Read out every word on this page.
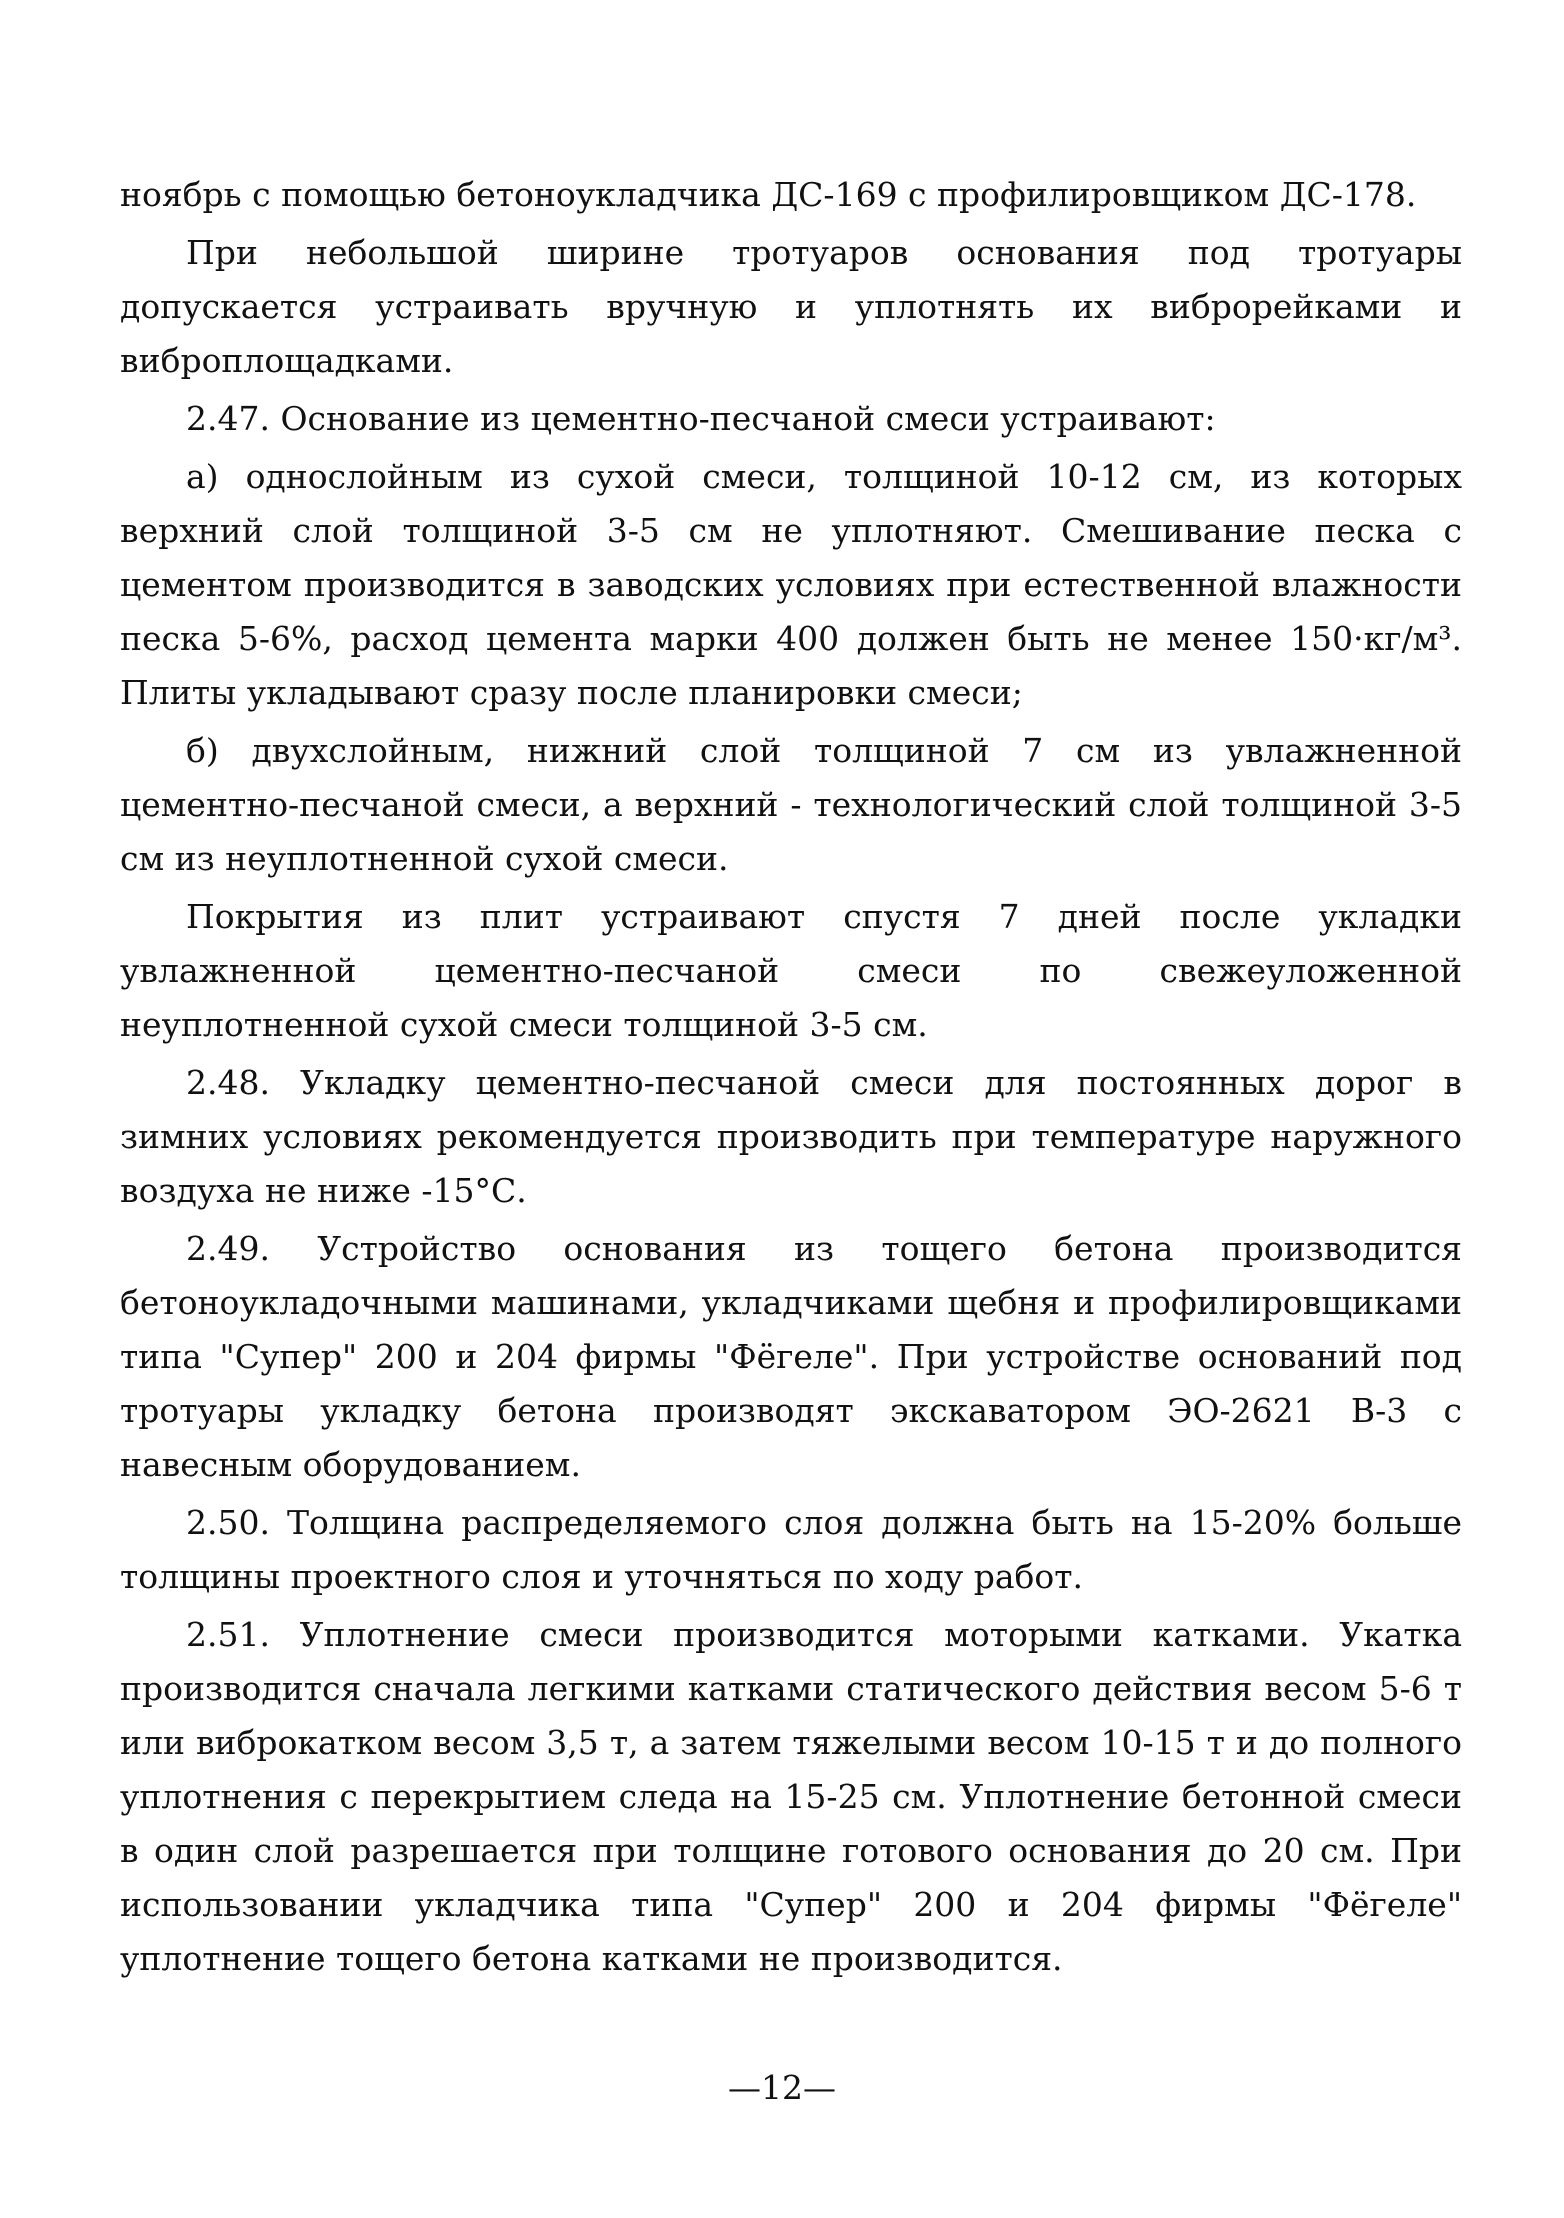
ноябрь с помощью бетоноукладчика ДС-169 с профилировщиком ДС-178.

При небольшой ширине тротуаров основания под тротуары допускается устраивать вручную и уплотнять их виброрейками и виброплощадками.

2.47. Основание из цементно-песчаной смеси устраивают:

а) однослойным из сухой смеси, толщиной 10-12 см, из которых верхний слой толщиной 3-5 см не уплотняют. Смешивание песка с цементом производится в заводских условиях при естественной влажности песка 5-6%, расход цемента марки 400 должен быть не менее 150·кг/м³. Плиты укладывают сразу после планировки смеси;

б) двухслойным, нижний слой толщиной 7 см из увлажненной цементно-песчаной смеси, а верхний - технологический слой толщиной 3-5 см из неуплотненной сухой смеси.

Покрытия из плит устраивают спустя 7 дней после укладки увлажненной цементно-песчаной смеси по свежеуложенной неуплотненной сухой смеси толщиной 3-5 см.

2.48. Укладку цементно-песчаной смеси для постоянных дорог в зимних условиях рекомендуется производить при температуре наружного воздуха не ниже -15°С.

2.49. Устройство основания из тощего бетона производится бетоноукладочными машинами, укладчиками щебня и профилировщиками типа "Супер" 200 и 204 фирмы "Фёгеле". При устройстве оснований под тротуары укладку бетона производят экскаватором ЭО-2621 В-3 с навесным оборудованием.

2.50. Толщина распределяемого слоя должна быть на 15-20% больше толщины проектного слоя и уточняться по ходу работ.

2.51. Уплотнение смеси производится моторыми катками. Укатка производится сначала легкими катками статического действия весом 5-6 т или виброкатком весом 3,5 т, а затем тяжелыми весом 10-15 т и до полного уплотнения с перекрытием следа на 15-25 см. Уплотнение бетонной смеси в один слой разрешается при толщине готового основания до 20 см. При использовании укладчика типа "Супер" 200 и 204 фирмы "Фёгеле" уплотнение тощего бетона катками не производится.

—12—
